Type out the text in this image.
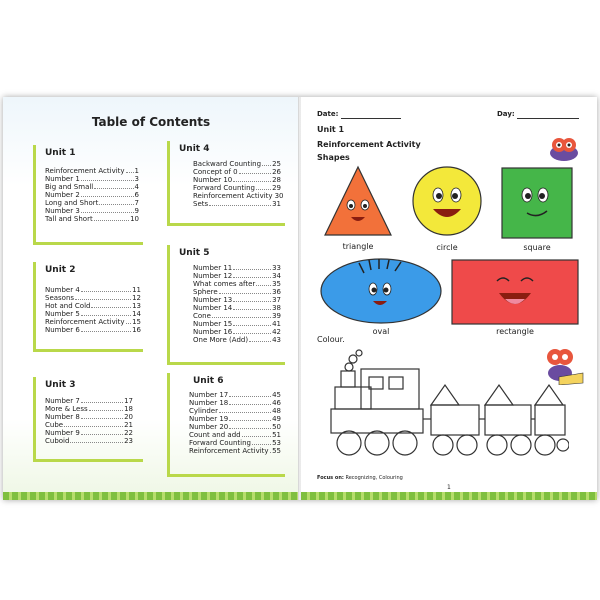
Table of Contents
Unit 1
Reinforcement Activity 1
Number 1	3
Big and Small	4
Number 2	6
Long and Short	7
Number 3	9
Tall and Short	10
Unit 2
Number 4	11
Seasons	12
Hot and Cold	13
Number 5	14
Reinforcement Activity 15
Number 6	16
Unit 3
Number 7	17
More & Less	18
Number 8	20
Cube	21
Number 9	22
Cuboid	23
Unit 4
Backward Counting 25
Concept of 0	26
Number 10	28
Forward Counting 29
Reinforcement Activity 30
Sets	31
Unit 5
Number 11	33
Number 12	34
What comes after 35
Sphere	36
Number 13	37
Number 14	38
Cone	39
Number 15	41
Number 16	42
One More (Add)	43
Unit 6
Number 17	45
Number 18	46
Cylinder	48
Number 19	49
Number 20	50
Count and add	51
Forward Counting	53
Reinforcement Activity 55
Date:	Day:
Unit 1
Reinforcement Activity
Shapes
triangle	circle	square
oval	rectangle
Colour.
Focus on: Recognizing, Colouring
1
